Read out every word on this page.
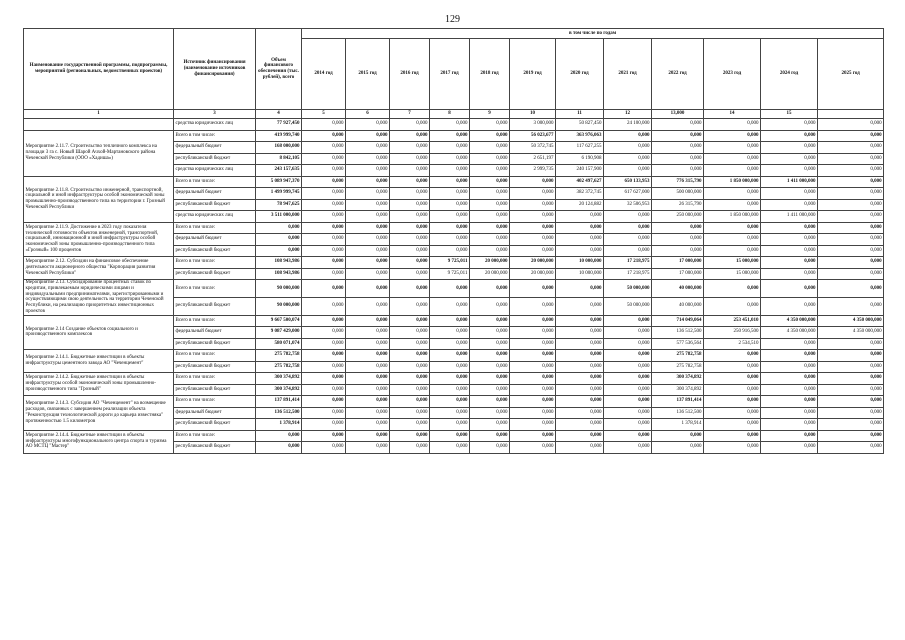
129
Наименование государственной программы, подпрограммы, мероприятий (региональных, ведомственных проектов)	Источник финансирования (наименование источников финансирования)	Объем финансового обеспечения (тыс. рублей), всего	в том числе по годам											
			2014 год	2015 год	2016 год	2017 год	2018 год	2019 год	2020 год	2021 год	2022 год	2023 год	2024 год	2025 год
1	3	4	5	6	7	8	9	10	11	12	13,000	14	15	
	средства юридических лиц	77 927,450	0,000	0,000	0,000	0,000	0,000	3 000,000	50 827,450	24 100,000	0,000	0,000	0,000	0,000
Мероприятие 2.11.7. Строительство тепличного комплекса на площади 3 га с. Новый Шарой Ачхой-Мартановского района Чеченской Республики (ООО «Хадиша»)	Всего в том числе:	419 999,740	0,000	0,000	0,000	0,000	0,000	56 023,677	363 976,063	0,000	0,000	0,000	0,000	0,000
	федеральный бюджет	168 000,000	0,000	0,000	0,000	0,000	0,000	50 372,745	117 627,255	0,000	0,000	0,000	0,000	0,000
	республиканский бюджет	8 842,105	0,000	0,000	0,000	0,000	0,000	2 651,197	6 190,908	0,000	0,000	0,000	0,000	0,000
	средства юридических лиц	243 157,635	0,000	0,000	0,000	0,000	0,000	2 999,735	240 157,900	0,000	0,000	0,000	0,000	0,000
Мероприятие 2.11.8. Строительство инженерной, транспортной, социальной и иной инфраструктуры особой экономической зоны промышленно-производственного типа на территории г. Грозный Чеченской Республики	Всего в том числе:	5 089 947,370	0,000	0,000	0,000	0,000	0,000	0,000	402 497,627	650 133,953	776 315,790	1 850 000,000	1 411 000,000	0,000
	федеральный бюджет	1 499 999,745	0,000	0,000	0,000	0,000	0,000	0,000	382 372,745	617 627,000	500 000,000	0,000	0,000	0,000
	республиканский бюджет	78 947,625	0,000	0,000	0,000	0,000	0,000	0,000	20 124,882	32 506,953	26 315,790	0,000	0,000	0,000
	средства юридических лиц	3 511 000,000	0,000	0,000	0,000	0,000	0,000	0,000	0,000	0,000	250 000,000	1 850 000,000	1 411 000,000	0,000
Мероприятие 2.11.9. Достижение в 2023 году показателя технической готовности объектов инженерной, транспортной, социальной, инновационной и иной инфраструктуры особой экономической зоны промышленно-производственного типа «Грозный» 100 процентов	Всего в том числе:	0,000	0,000	0,000	0,000	0,000	0,000	0,000	0,000	0,000	0,000	0,000	0,000	0,000
	федеральный бюджет	0,000	0,000	0,000	0,000	0,000	0,000	0,000	0,000	0,000	0,000	0,000	0,000	0,000
	республиканский бюджет	0,000	0,000	0,000	0,000	0,000	0,000	0,000	0,000	0,000	0,000	0,000	0,000	0,000
Мероприятие 2.12. Субсидии на финансовое обеспечение деятельности акционерного общества "Корпорация развития Чеченской Республики"	Всего в том числе:	108 943,986	0,000	0,000	0,000	9 725,011	20 000,000	20 000,000	10 000,000	17 218,975	17 000,000	15 000,000	0,000	0,000
	республиканский бюджет	108 943,986	0,000	0,000	0,000	9 725,011	20 000,000	20 000,000	10 000,000	17 218,975	17 000,000	15 000,000	0,000	0,000
Мероприятие 2.13. Субсидирование процентных ставок по кредитам, привлекаемым юридическими лицами и индивидуальными предпринимателями, зарегистрированными и осуществляющими свою деятельность на территории Чеченской Республики, на реализацию приоритетных инвестиционных проектов	Всего в том числе:	90 000,000	0,000	0,000	0,000	0,000	0,000	0,000	0,000	50 000,000	40 000,000	0,000	0,000	0,000
	республиканский бюджет	90 000,000	0,000	0,000	0,000	0,000	0,000	0,000	0,000	50 000,000	40 000,000	0,000	0,000	0,000
Мероприятие 2.14 Создание объектов социального и производственного комплексов	Всего в том числе:	9 667 500,074	0,000	0,000	0,000	0,000	0,000	0,000	0,000	0,000	714 049,064	253 451,010	4 350 000,000	4 350 000,000
	федеральный бюджет	9 087 429,000	0,000	0,000	0,000	0,000	0,000	0,000	0,000	0,000	136 512,500	250 916,500	4 350 000,000	4 350 000,000
	республиканский бюджет	580 071,074	0,000	0,000	0,000	0,000	0,000	0,000	0,000	0,000	577 536,564	2 534,510	0,000	0,000
Мероприятие 2.14.1. Бюджетные инвестиции в объекты инфраструктуры цементного завода АО "Чеченцемент"	Всего в том числе:	275 782,758	0,000	0,000	0,000	0,000	0,000	0,000	0,000	0,000	275 782,758	0,000	0,000	0,000
	республиканский бюджет	275 782,758	0,000	0,000	0,000	0,000	0,000	0,000	0,000	0,000	275 782,758	0,000	0,000	0,000
Мероприятие 2.14.2. Бюджетные инвестиции в объекты инфраструктуры особой экономической зоны промышленно-производственного типа "Грозный"	Всего в том числе:	300 374,892	0,000	0,000	0,000	0,000	0,000	0,000	0,000	0,000	300 374,892	0,000	0,000	0,000
	республиканский бюджет	300 374,892	0,000	0,000	0,000	0,000	0,000	0,000	0,000	0,000	300 374,892	0,000	0,000	0,000
Мероприятие 2.14.3. Субсидия АО "Чеченцемент" на возмещение расходов, связанных с завершением реализации объекта "Реконструкция технологической дороги до карьера известняка" протяженностью 1.5 километров	Всего в том числе:	137 891,414	0,000	0,000	0,000	0,000	0,000	0,000	0,000	0,000	137 891,414	0,000	0,000	0,000
	федеральный бюджет	136 512,500	0,000	0,000	0,000	0,000	0,000	0,000	0,000	0,000	136 512,500	0,000	0,000	0,000
	республиканский бюджет	1 378,914	0,000	0,000	0,000	0,000	0,000	0,000	0,000	0,000	1 378,914	0,000	0,000	0,000
Мероприятие 2.14.4. Бюджетные инвестиции в объекты инфраструктуры многофункционального центра спорта и туризма АО МСТЦ "Мастер"	Всего в том числе:	0,000	0,000	0,000	0,000	0,000	0,000	0,000	0,000	0,000	0,000	0,000	0,000	0,000
	республиканский бюджет	0,000	0,000	0,000	0,000	0,000	0,000	0,000	0,000	0,000	0,000	0,000	0,000	0,000
